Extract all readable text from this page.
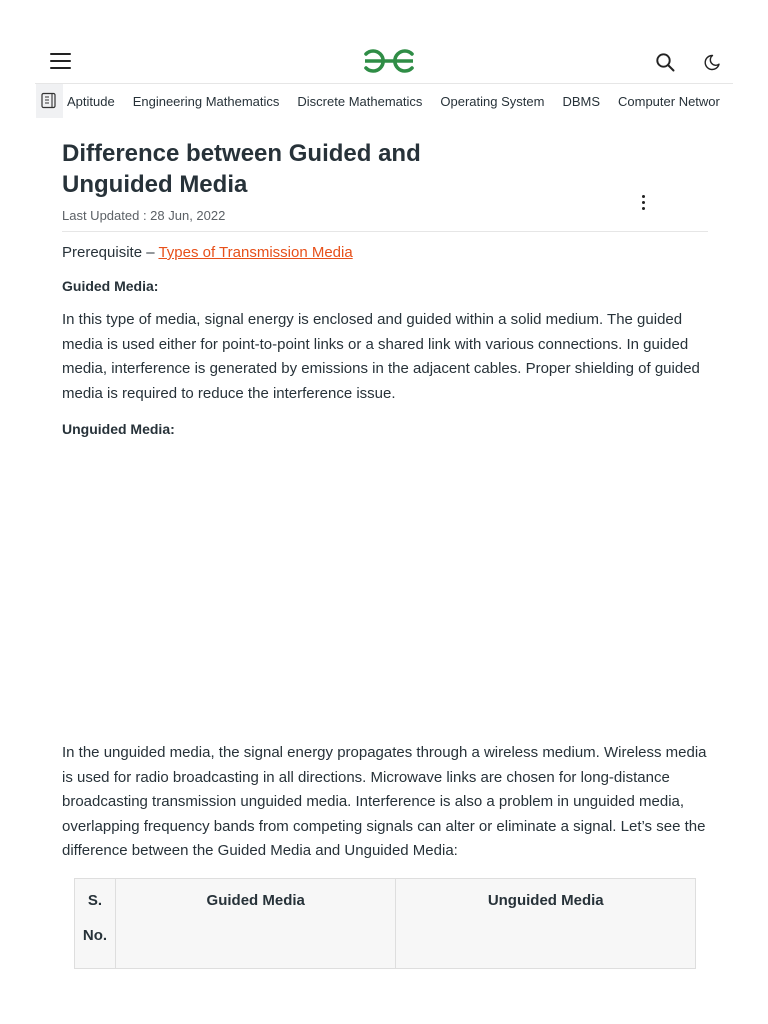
Aptitude Engineering Mathematics Discrete Mathematics Operating System DBMS Computer Networ
Difference between Guided and Unguided Media
Last Updated : 28 Jun, 2022

Prerequisite – Types of Transmission Media

Guided Media:

In this type of media, signal energy is enclosed and guided within a solid medium. The guided media is used either for point-to-point links or a shared link with various connections. In guided media, interference is generated by emissions in the adjacent cables. Proper shielding of guided media is required to reduce the interference issue.

Unguided Media:

In the unguided media, the signal energy propagates through a wireless medium. Wireless media is used for radio broadcasting in all directions. Microwave links are chosen for long-distance broadcasting transmission unguided media. Interference is also a problem in unguided media, overlapping frequency bands from competing signals can alter or eliminate a signal. Let’s see the difference between the Guided Media and Unguided Media:

S. No.	Guided Media	Unguided Media
